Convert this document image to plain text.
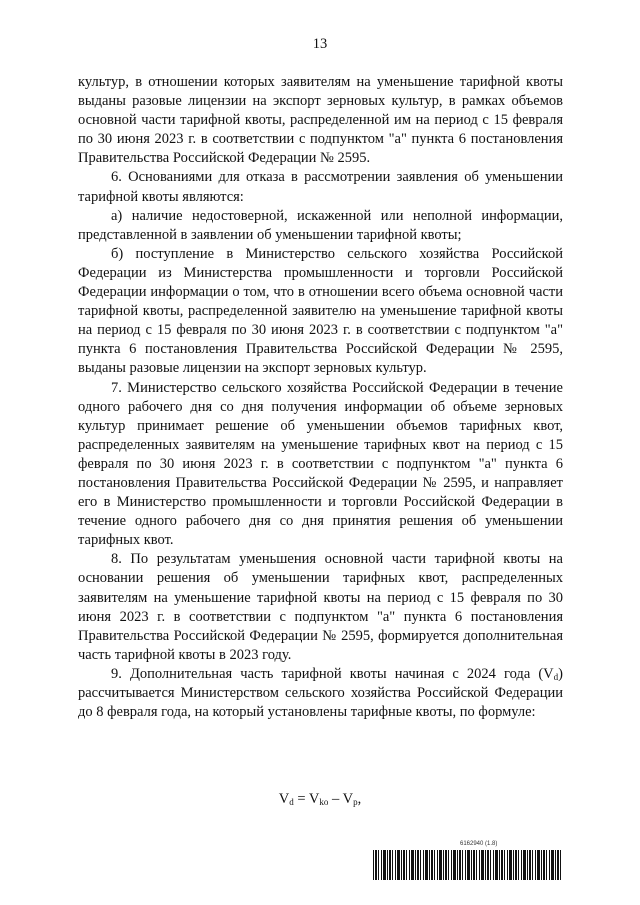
13

культур, в отношении которых заявителям на уменьшение тарифной квоты выданы разовые лицензии на экспорт зерновых культур, в рамках объемов основной части тарифной квоты, распределенной им на период с 15 февраля по 30 июня 2023 г. в соответствии с подпунктом "а" пункта 6 постановления Правительства Российской Федерации № 2595.

6. Основаниями для отказа в рассмотрении заявления об уменьшении тарифной квоты являются:

а) наличие недостоверной, искаженной или неполной информации, представленной в заявлении об уменьшении тарифной квоты;

б) поступление в Министерство сельского хозяйства Российской Федерации из Министерства промышленности и торговли Российской Федерации информации о том, что в отношении всего объема основной части тарифной квоты, распределенной заявителю на уменьшение тарифной квоты на период с 15 февраля по 30 июня 2023 г. в соответствии с подпунктом "а" пункта 6 постановления Правительства Российской Федерации № 2595, выданы разовые лицензии на экспорт зерновых культур.

7. Министерство сельского хозяйства Российской Федерации в течение одного рабочего дня со дня получения информации об объеме зерновых культур принимает решение об уменьшении объемов тарифных квот, распределенных заявителям на уменьшение тарифных квот на период с 15 февраля по 30 июня 2023 г. в соответствии с подпунктом "а" пункта 6 постановления Правительства Российской Федерации № 2595, и направляет его в Министерство промышленности и торговли Российской Федерации в течение одного рабочего дня со дня принятия решения об уменьшении тарифных квот.

8. По результатам уменьшения основной части тарифной квоты на основании решения об уменьшении тарифных квот, распределенных заявителям на уменьшение тарифной квоты на период с 15 февраля по 30 июня 2023 г. в соответствии с подпунктом "а" пункта 6 постановления Правительства Российской Федерации № 2595, формируется дополнительная часть тарифной квоты в 2023 году.

9. Дополнительная часть тарифной квоты начиная с 2024 года $(V_d)$ рассчитывается Министерством сельского хозяйства Российской Федерации до 8 февраля года, на который установлены тарифные квоты, по формуле:

$V_d = V_{ko} - V_p$,
6162940 (1.8)
